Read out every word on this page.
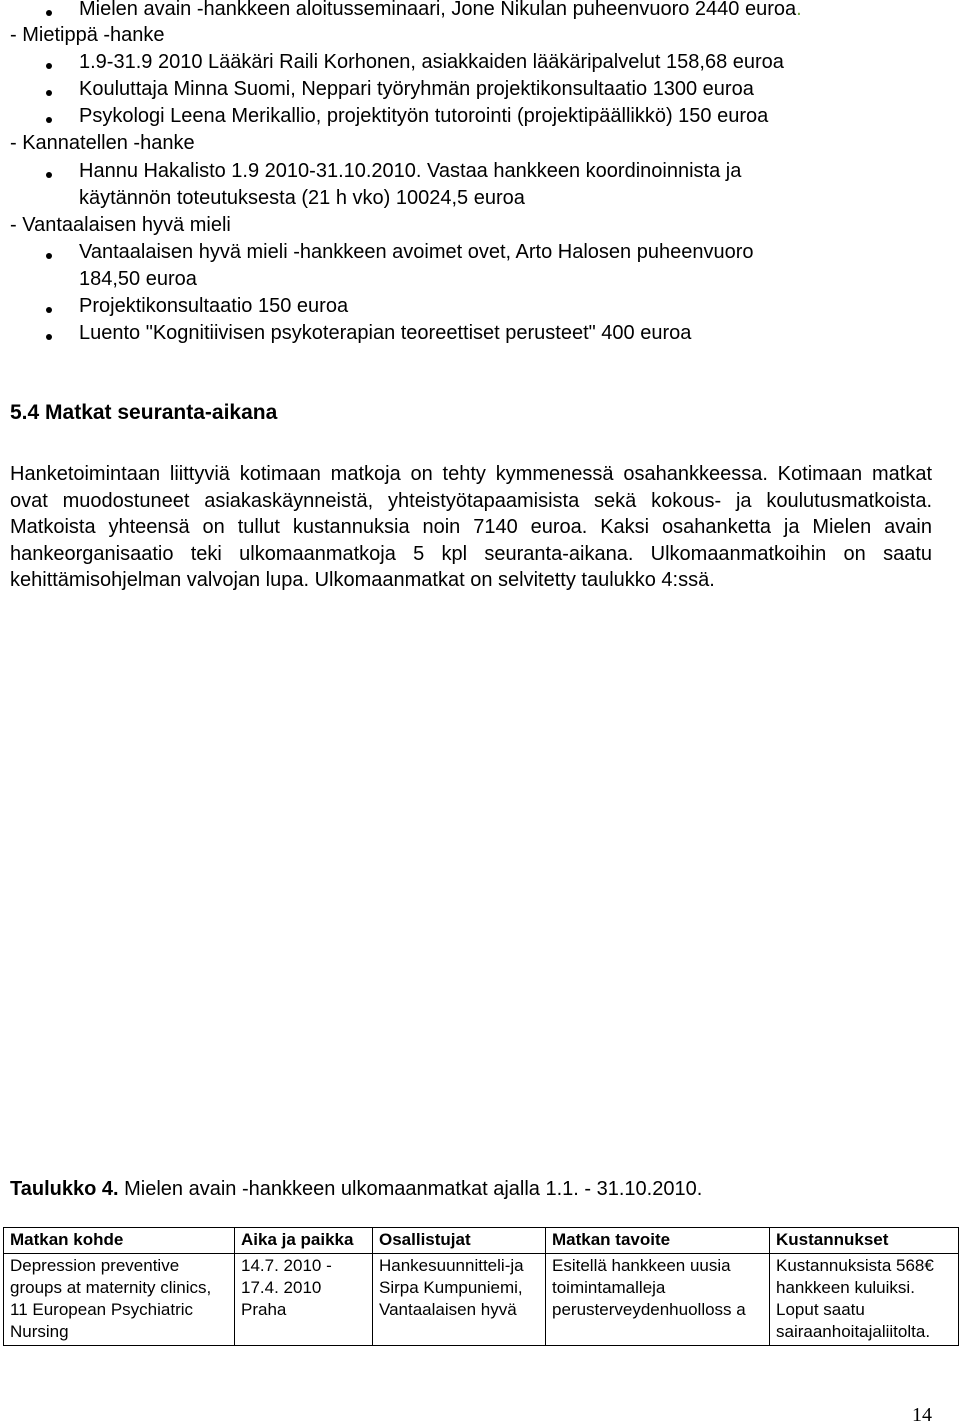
Mielen avain -hankkeen aloitusseminaari, Jone Nikulan puheenvuoro 2440 euroa.
- Mietippä -hanke
1.9-31.9 2010 Lääkäri Raili Korhonen, asiakkaiden lääkäripalvelut 158,68 euroa
Kouluttaja Minna Suomi, Neppari työryhmän projektikonsultaatio 1300 euroa
Psykologi Leena Merikallio, projektityön tutorointi (projektipäällikkö) 150 euroa
- Kannatellen -hanke
Hannu Hakalisto 1.9 2010-31.10.2010. Vastaa hankkeen koordinoinnista ja
käytännön toteutuksesta (21 h vko) 10024,5 euroa
- Vantaalaisen hyvä mieli
Vantaalaisen hyvä mieli -hankkeen avoimet ovet, Arto Halosen puheenvuoro
184,50 euroa
Projektikonsultaatio 150 euroa
Luento "Kognitiivisen psykoterapian teoreettiset perusteet" 400 euroa
5.4 Matkat seuranta-aikana
Hanketoimintaan liittyviä kotimaan matkoja on tehty kymmenessä osahankkeessa. Kotimaan matkat ovat muodostuneet asiakaskäynneistä, yhteistyötapaamisista sekä kokous- ja koulutusmatkoista. Matkoista yhteensä on tullut kustannuksia noin 7140 euroa. Kaksi osahanketta ja Mielen avain hankeorganisaatio teki ulkomaanmatkoja 5 kpl seuranta-aikana. Ulkomaanmatkoihin on saatu kehittämisohjelman valvojan lupa. Ulkomaanmatkat on selvitetty taulukko 4:ssä.
Taulukko 4. Mielen avain -hankkeen ulkomaanmatkat ajalla 1.1. - 31.10.2010.
Matkan kohde	Aika ja paikka	Osallistujat	Matkan tavoite	Kustannukset
Depression preventive groups at maternity clinics, 11 European Psychiatric Nursing	14.7. 2010 - 17.4. 2010 Praha	Hankesuunnitteli-ja Sirpa Kumpuniemi, Vantaalaisen hyvä	Esitellä hankkeen uusia toimintamalleja perusterveydenhuolloss a	Kustannuksista 568€ hankkeen kuluiksi. Loput saatu sairaanhoitajaliitolta.
14
